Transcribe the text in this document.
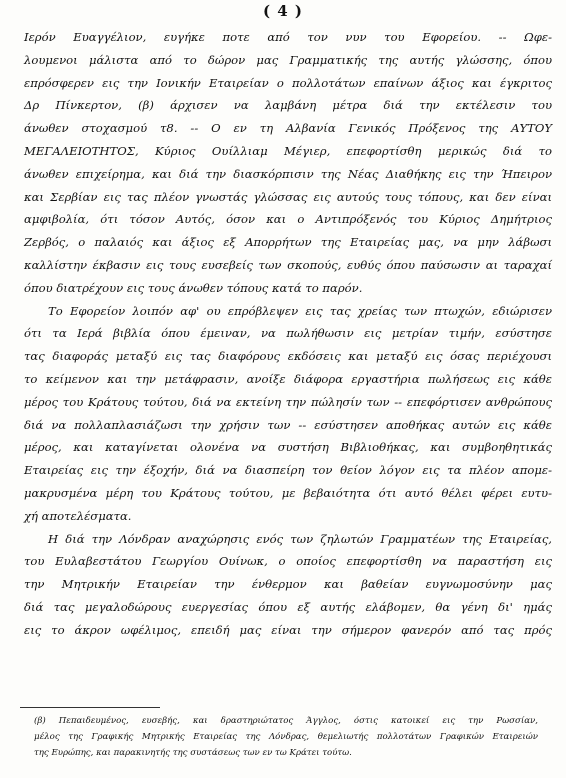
( 4 )
Ιερόν Ευαγγέλιον, ευγήκε ποτε από τον νυν του Εφορείου. -- Ωφε-
λουμενοι μάλιστα από το δώρον μας Γραμματικής της αυτής γλώσσης, όπου
επρόσφερεν εις την Ιονικήν Εταιρείαν ο πολλοτάτων επαίνων άξιος και έγκριτος
Δρ Πίνκερτον, (β) άρχισεν να λαμβάνη μέτρα διά την εκτέλεσιν του
άνωθεν στοχασμού τ8. -- Ο εν τη Αλβανία Γενικός Πρόξενος της ΑΥΤΟΥ
ΜΕΓΑΛΕΙΟΤΗΤΟΣ, Κύριος Ουίλλιαμ Μέγιερ, επεφορτίσθη μερικώς διά το
άνωθεν επιχείρημα, και διά την διασκόρπισιν της Νέας Διαθήκης εις την Ήπειρον
και Σερβίαν εις τας πλέον γνωστάς γλώσσας εις αυτούς τους τόπους, και δεν είναι
αμφιβολία, ότι τόσον Αυτός, όσον και ο Αντιπρόξενός του Κύριος Δημήτριος
Ζερβός, ο παλαιός και άξιος εξ Απορρήτων της Εταιρείας μας, να μην λάβωσι
καλλίστην έκβασιν εις τους ευσεβείς των σκοπούς, ευθύς όπου παύσωσιν αι ταραχαί
όπου διατρέχουν εις τους άνωθεν τόπους κατά το παρόν.
Το Εφορείον λοιπόν αφ' ου επρόβλεψεν εις τας χρείας των πτωχών, εδιώρισεν
ότι τα Ιερά βιβλία όπου έμειναν, να πωλήθωσιν εις μετρίαν τιμήν, εσύστησε
τας διαφοράς μεταξύ εις τας διαφόρους εκδόσεις και μεταξύ εις όσας περιέχουσι
το κείμενον και την μετάφρασιν, ανοίξε διάφορα εργαστήρια πωλήσεως εις κάθε
μέρος του Κράτους τούτου, διά να εκτείνη την πώλησίν των -- επεφόρτισεν ανθρώπους
διά να πολλαπλασιάζωσι την χρήσιν των -- εσύστησεν αποθήκας αυτών εις κάθε
μέρος, και καταγίνεται ολονένα να συστήση Βιβλιοθήκας, και συμβοηθητικάς
Εταιρείας εις την έξοχήν, διά να διασπείρη τον θείον λόγον εις τα πλέον απομε-
μακρυσμένα μέρη του Κράτους τούτου, με βεβαιότητα ότι αυτό θέλει φέρει ευτυ-
χή αποτελέσματα.
Η διά την Λόνδραν αναχώρησις ενός των ζηλωτών Γραμματέων της Εταιρείας,
του Ευλαβεστάτου Γεωργίου Ουίνωκ, ο οποίος επεφορτίσθη να παραστήση εις
την Μητρικήν Εταιρείαν την ένθερμον και βαθείαν ευγνωμοσύνην μας
διά τας μεγαλοδώρους ευεργεσίας όπου εξ αυτής ελάβομεν, θα γένη δι' ημάς
εις το άκρον ωφέλιμος, επειδή μας είναι την σήμερον φανερόν από τας πρός
(β) Πεπαιδευμένος, ευσεβής, και δραστηριώτατος Άγγλος, όστις κατοικεί εις την Ρωσσίαν,
μέλος της Γραφικής Μητρικής Εταιρείας της Λόνδρας, θεμελιωτής πολλοτάτων Γραφικών Εταιρειών
της Ευρώπης, και παρακινητής της συστάσεως των εν τω Κράτει τούτω.
